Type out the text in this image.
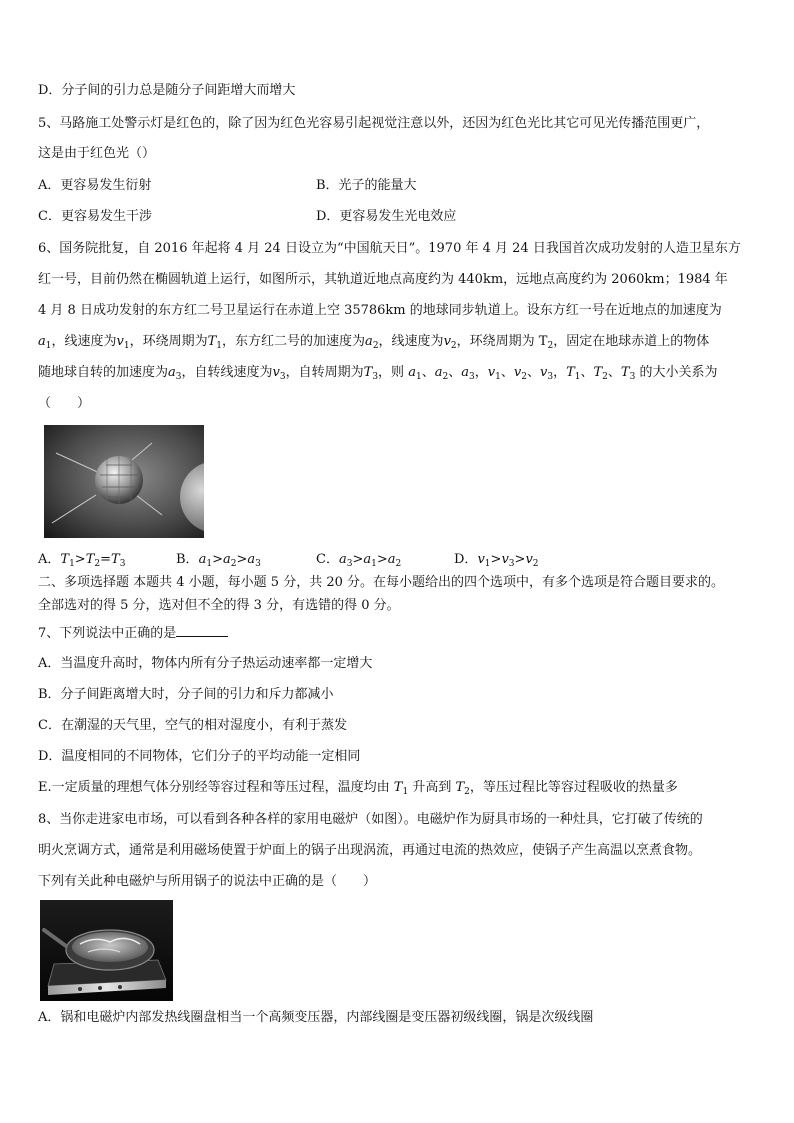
D．分子间的引力总是随分子间距增大而增大
5、马路施工处警示灯是红色的，除了因为红色光容易引起视觉注意以外，还因为红色光比其它可见光传播范围更广，
这是由于红色光（）
A．更容易发生衍射	B．光子的能量大
C．更容易发生干涉	D．更容易发生光电效应
6、国务院批复，自 2016 年起将 4 月 24 日设立为“中国航天日”。1970 年 4 月 24 日我国首次成功发射的人造卫星东方
红一号，目前仍然在椭圆轨道上运行，如图所示，其轨道近地点高度约为 440km，远地点高度约为 2060km；1984 年
4 月 8 日成功发射的东方红二号卫星运行在赤道上空 35786km 的地球同步轨道上。设东方红一号在近地点的加速度为
$a_1$，线速度为$v_1$，环绕周期为$T_1$，东方红二号的加速度为$a_2$，线速度为$v_2$，环绕周期为 $T_2$，固定在地球赤道上的物体
随地球自转的加速度为$a_3$，自转线速度为$v_3$，自转周期为$T_3$，则 $a_1$、$a_2$、$a_3$，$v_1$、$v_2$、$v_3$，$T_1$、$T_2$、$T_3$ 的大小关系为
（　　）
A．$T_1>T_2=T_3$	B．$a_1>a_2>a_3$	C．$a_3>a_1>a_2$	D．$v_1>v_3>v_2$
二、多项选择题 本题共 4 小题，每小题 5 分，共 20 分。在每小题给出的四个选项中，有多个选项是符合题目要求的。
全部选对的得 5 分，选对但不全的得 3 分，有选错的得 0 分。
7、下列说法中正确的是
A．当温度升高时，物体内所有分子热运动速率都一定增大
B．分子间距离增大时，分子间的引力和斥力都减小
C．在潮湿的天气里，空气的相对湿度小，有利于蒸发
D．温度相同的不同物体，它们分子的平均动能一定相同
E.一定质量的理想气体分别经等容过程和等压过程，温度均由 $T_1$ 升高到 $T_2$，等压过程比等容过程吸收的热量多
8、当你走进家电市场，可以看到各种各样的家用电磁炉（如图）。电磁炉作为厨具市场的一种灶具，它打破了传统的
明火烹调方式，通常是利用磁场使置于炉面上的锅子出现涡流，再通过电流的热效应，使锅子产生高温以烹煮食物。
下列有关此种电磁炉与所用锅子的说法中正确的是（　　）
A．锅和电磁炉内部发热线圈盘相当一个高频变压器，内部线圈是变压器初级线圈，锅是次级线圈
